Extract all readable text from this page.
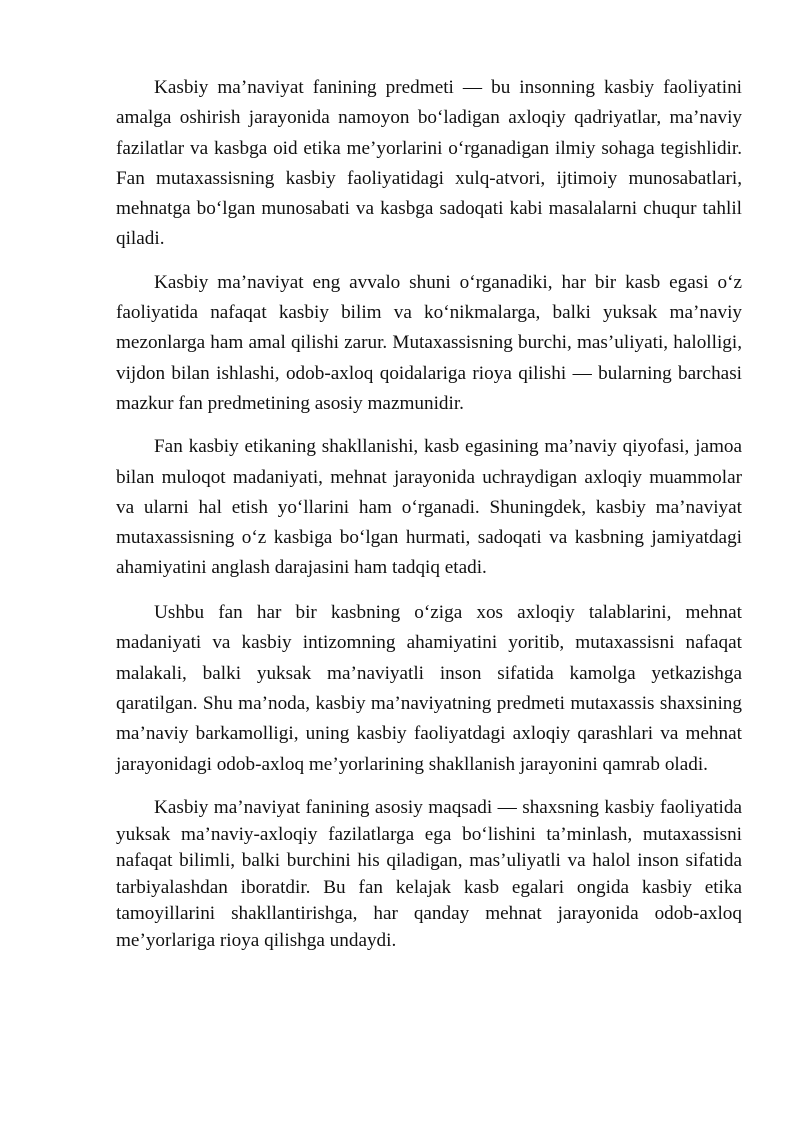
Kasbiy ma’naviyat fanining predmeti — bu insonning kasbiy faoliyatini amalga oshirish jarayonida namoyon bo‘ladigan axloqiy qadriyatlar, ma’naviy fazilatlar va kasbga oid etika me’yorlarini o‘rganadigan ilmiy sohaga tegishlidir. Fan mutaxassisning kasbiy faoliyatidagi xulq-atvori, ijtimoiy munosabatlari, mehnatga bo‘lgan munosabati va kasbga sadoqati kabi masalalarni chuqur tahlil qiladi.

Kasbiy ma’naviyat eng avvalo shuni o‘rganadiki, har bir kasb egasi o‘z faoliyatida nafaqat kasbiy bilim va ko‘nikmalarga, balki yuksak ma’naviy mezonlarga ham amal qilishi zarur. Mutaxassisning burchi, mas’uliyati, halolligi, vijdon bilan ishlashi, odob-axloq qoidalariga rioya qilishi — bularning barchasi mazkur fan predmetining asosiy mazmunidir.

Fan kasbiy etikaning shakllanishi, kasb egasining ma’naviy qiyofasi, jamoa bilan muloqot madaniyati, mehnat jarayonida uchraydigan axloqiy muammolar va ularni hal etish yo‘llarini ham o‘rganadi. Shuningdek, kasbiy ma’naviyat mutaxassisning o‘z kasbiga bo‘lgan hurmati, sadoqati va kasbning jamiyatdagi ahamiyatini anglash darajasini ham tadqiq etadi.

Ushbu fan har bir kasbning o‘ziga xos axloqiy talablarini, mehnat madaniyati va kasbiy intizomning ahamiyatini yoritib, mutaxassisni nafaqat malakali, balki yuksak ma’naviyatli inson sifatida kamolga yetkazishga qaratilgan. Shu ma’noda, kasbiy ma’naviyatning predmeti mutaxassis shaxsining ma’naviy barkamolligi, uning kasbiy faoliyatdagi axloqiy qarashlari va mehnat jarayonidagi odob-axloq me’yorlarining shakllanish jarayonini qamrab oladi.

Kasbiy ma’naviyat fanining asosiy maqsadi — shaxsning kasbiy faoliyatida yuksak ma’naviy-axloqiy fazilatlarga ega bo‘lishini ta’minlash, mutaxassisni nafaqat bilimli, balki burchini his qiladigan, mas’uliyatli va halol inson sifatida tarbiyalashdan iboratdir. Bu fan kelajak kasb egalari ongida kasbiy etika tamoyillarini shakllantirishga, har qanday mehnat jarayonida odob-axloq me’yorlariga rioya qilishga undaydi.
